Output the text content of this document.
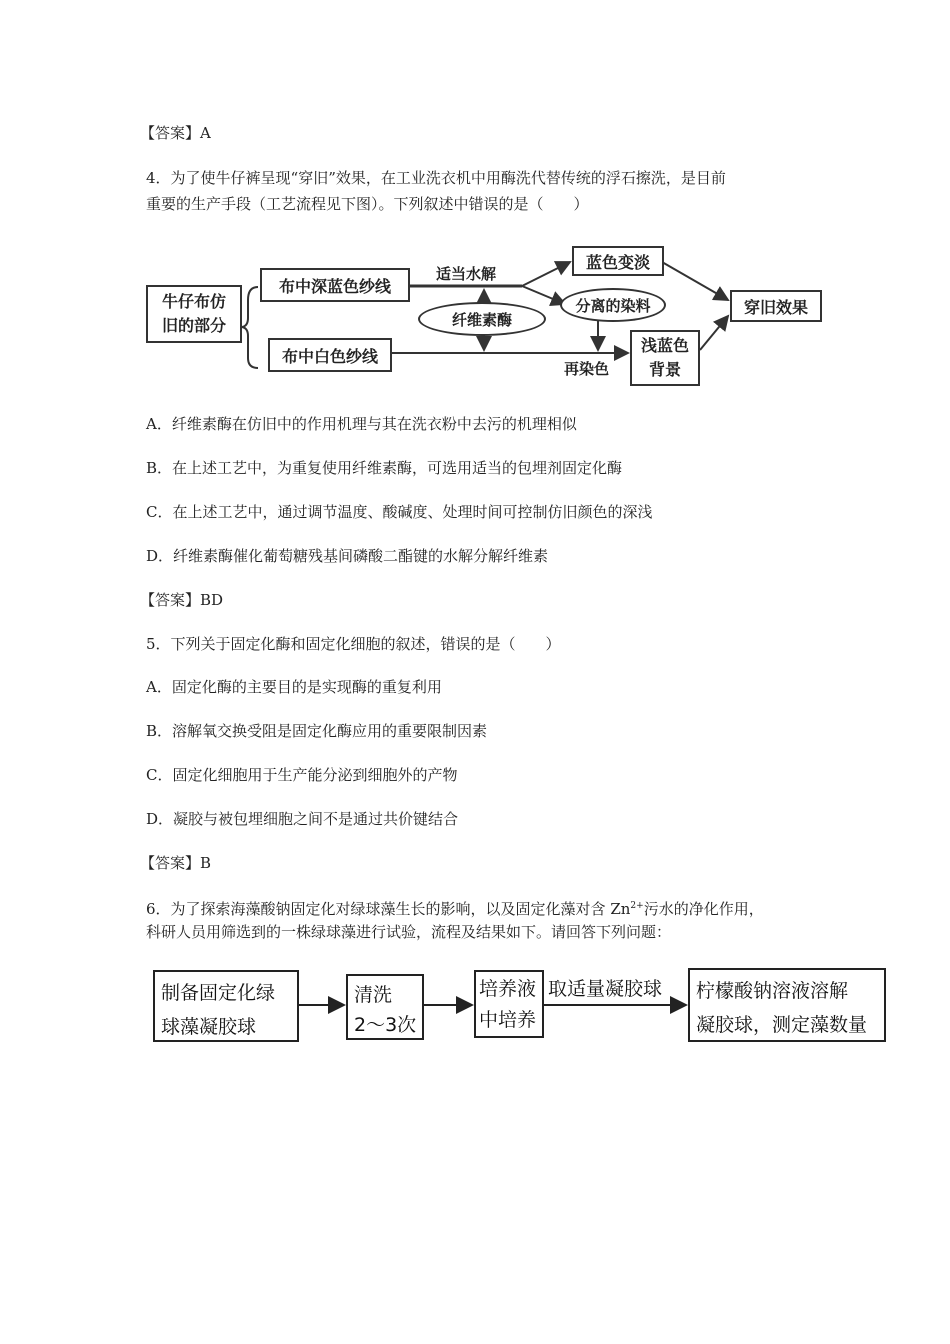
【答案】A
4．为了使牛仔裤呈现“穿旧”效果，在工业洗衣机中用酶洗代替传统的浮石擦洗，是目前
重要的生产手段（工艺流程见下图）。下列叙述中错误的是（　　）
牛仔布仿
旧的部分
布中深蓝色纱线
布中白色纱线
适当水解
纤维素酶
蓝色变淡
分离的染料
再染色
浅蓝色
背景
穿旧效果
A．纤维素酶在仿旧中的作用机理与其在洗衣粉中去污的机理相似
B．在上述工艺中，为重复使用纤维素酶，可选用适当的包埋剂固定化酶
C．在上述工艺中，通过调节温度、酸碱度、处理时间可控制仿旧颜色的深浅
D．纤维素酶催化葡萄糖残基间磷酸二酯键的水解分解纤维素
【答案】BD
5．下列关于固定化酶和固定化细胞的叙述，错误的是（　　）
A．固定化酶的主要目的是实现酶的重复利用
B．溶解氧交换受阻是固定化酶应用的重要限制因素
C．固定化细胞用于生产能分泌到细胞外的产物
D．凝胶与被包埋细胞之间不是通过共价键结合
【答案】B
6．为了探索海藻酸钠固定化对绿球藻生长的影响，以及固定化藻对含 $Zn^{2+}$污水的净化作用，
科研人员用筛选到的一株绿球藻进行试验，流程及结果如下。请回答下列问题：
制备固定化绿
球藻凝胶球
清洗
2～3次
培养液
中培养
取适量凝胶球 柠檬酸钠溶液溶解
凝胶球，测定藻数量
